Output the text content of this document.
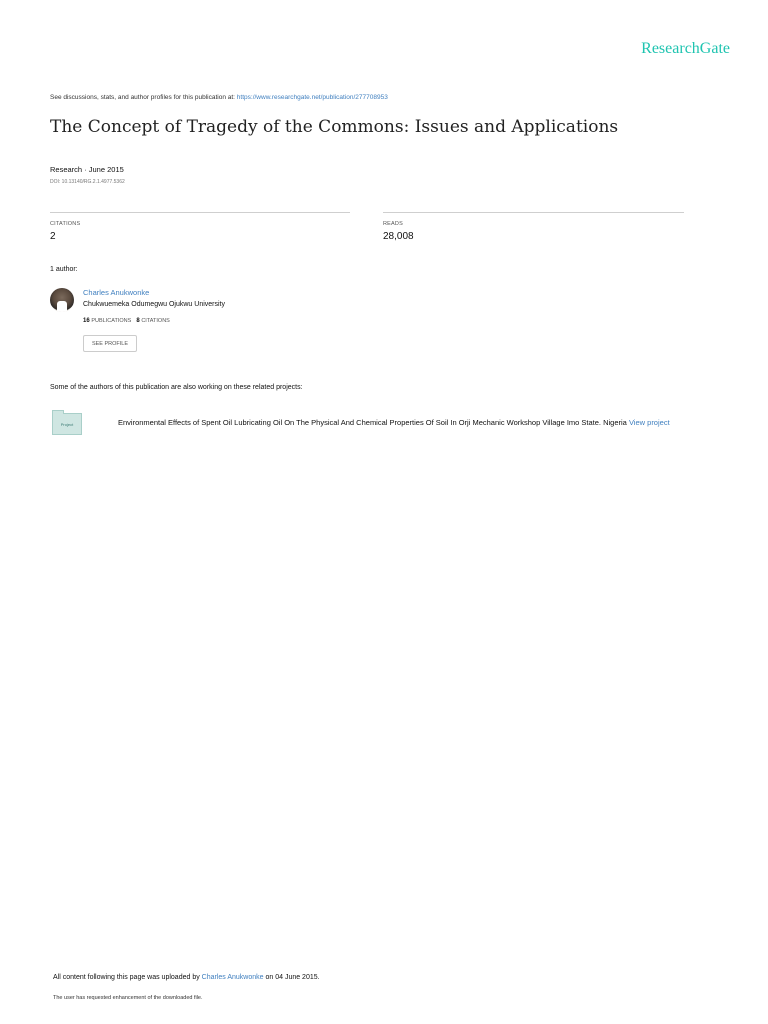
ResearchGate
See discussions, stats, and author profiles for this publication at: https://www.researchgate.net/publication/277708953
The Concept of Tragedy of the Commons: Issues and Applications
Research · June 2015
DOI: 10.13140/RG.2.1.4977.5362
CITATIONS
2
READS
28,008
1 author:
Charles Anukwonke
Chukwuemeka Odumegwu Ojukwu University
16 PUBLICATIONS 8 CITATIONS
SEE PROFILE
Some of the authors of this publication are also working on these related projects:
Project	Environmental Effects of Spent Oil Lubricating Oil On The Physical And Chemical Properties Of Soil In Orji Mechanic Workshop Village Imo State. Nigeria View project
All content following this page was uploaded by Charles Anukwonke on 04 June 2015.
The user has requested enhancement of the downloaded file.
